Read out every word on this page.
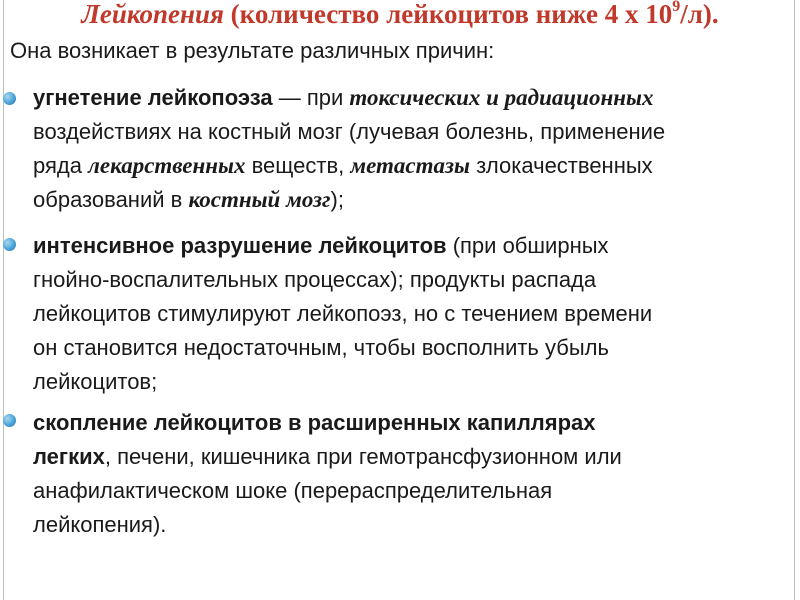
Лейкопения (количество лейкоцитов ниже 4 х $10^9/л$).
Она возникает в результате различных причин:
угнетение лейкопоэза — при токсических и радиационных
воздействиях на костный мозг (лучевая болезнь, применение
ряда лекарственных веществ, метастазы злокачественных
образований в костный мозг);
интенсивное разрушение лейкоцитов (при обширных
гнойно-воспалительных процессах); продукты распада
лейкоцитов стимулируют лейкопоэз, но с течением времени
он становится недостаточным, чтобы восполнить убыль
лейкоцитов;
скопление лейкоцитов в расширенных капиллярах
легких, печени, кишечника при гемотрансфузионном или
анафилактическом шоке (перераспределительная
лейкопения).
